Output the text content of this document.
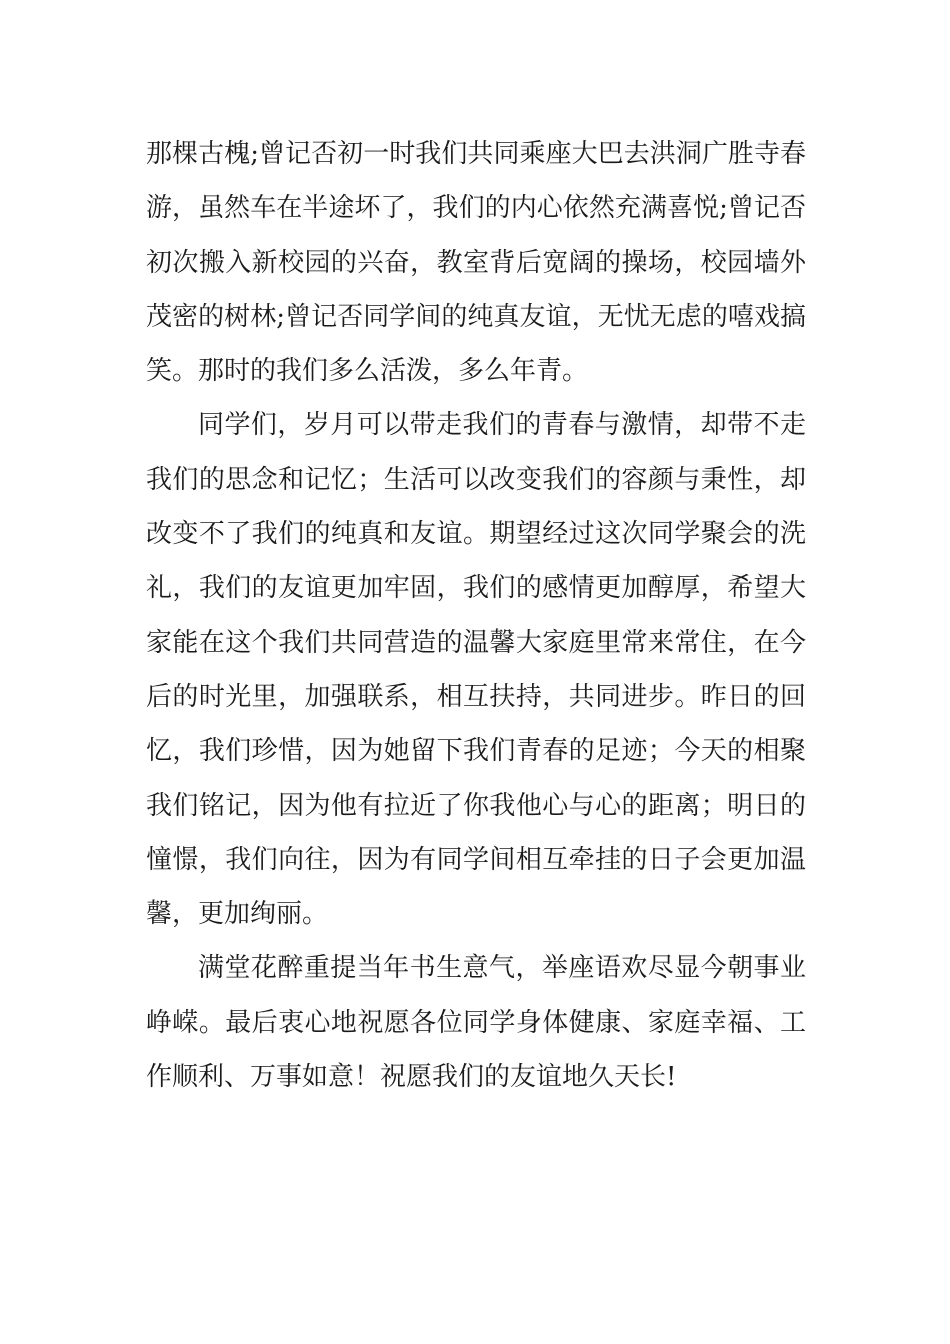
那棵古槐;曾记否初一时我们共同乘座大巴去洪洞广胜寺春
游，虽然车在半途坏了，我们的内心依然充满喜悦;曾记否
初次搬入新校园的兴奋，教室背后宽阔的操场，校园墙外
茂密的树林;曾记否同学间的纯真友谊，无忧无虑的嘻戏搞
笑。那时的我们多么活泼，多么年青。
同学们，岁月可以带走我们的青春与激情，却带不走
我们的思念和记忆；生活可以改变我们的容颜与秉性，却
改变不了我们的纯真和友谊。期望经过这次同学聚会的洗
礼，我们的友谊更加牢固，我们的感情更加醇厚，希望大
家能在这个我们共同营造的温馨大家庭里常来常住，在今
后的时光里，加强联系，相互扶持，共同进步。昨日的回
忆，我们珍惜，因为她留下我们青春的足迹；今天的相聚
我们铭记，因为他有拉近了你我他心与心的距离；明日的
憧憬，我们向往，因为有同学间相互牵挂的日子会更加温
馨，更加绚丽。
满堂花醉重提当年书生意气，举座语欢尽显今朝事业
峥嵘。最后衷心地祝愿各位同学身体健康、家庭幸福、工
作顺利、万事如意！祝愿我们的友谊地久天长!
